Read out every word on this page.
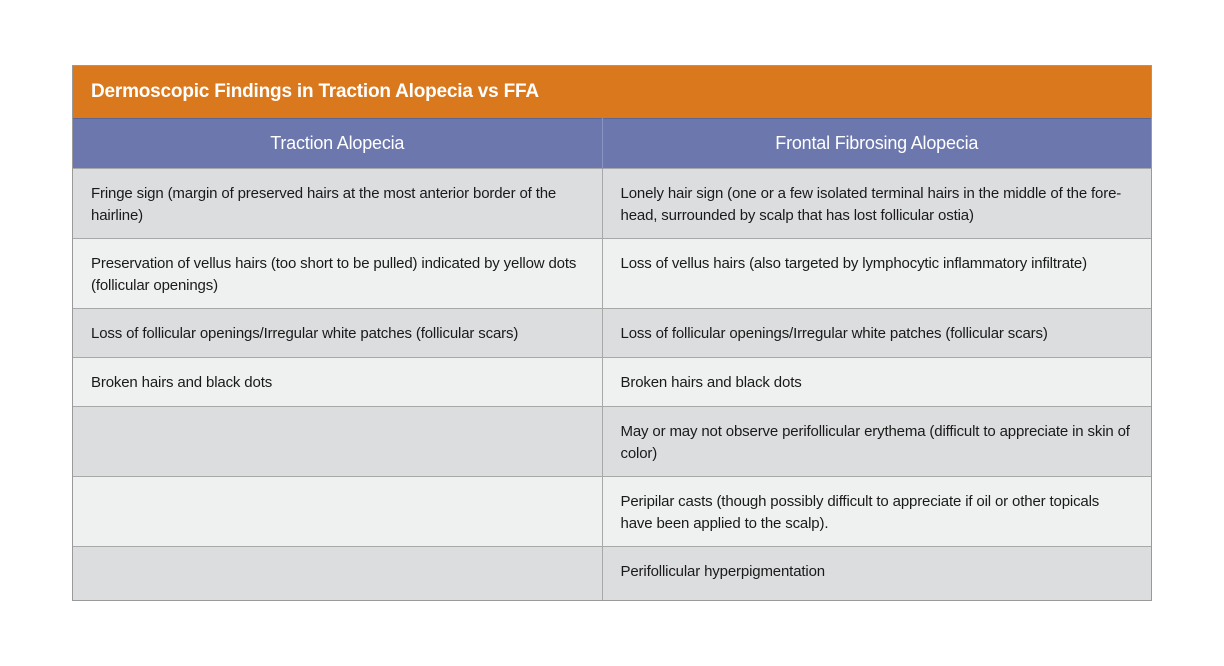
Dermoscopic Findings in Traction Alopecia vs FFA
Traction Alopecia	Frontal Fibrosing Alopecia
Fringe sign (margin of preserved hairs at the most anterior border of the hairline)	Lonely hair sign (one or a few isolated terminal hairs in the middle of the fore-head, surrounded by scalp that has lost follicular ostia)
Preservation of vellus hairs (too short to be pulled) indicated by yellow dots (follicular openings)	Loss of vellus hairs (also targeted by lymphocytic inflammatory infiltrate)
Loss of follicular openings/Irregular white patches (follicular scars)	Loss of follicular openings/Irregular white patches (follicular scars)
Broken hairs and black dots	Broken hairs and black dots
	May or may not observe perifollicular erythema (difficult to appreciate in skin of color)
	Peripilar casts (though possibly difficult to appreciate if oil or other topicals have been applied to the scalp).
	Perifollicular hyperpigmentation
